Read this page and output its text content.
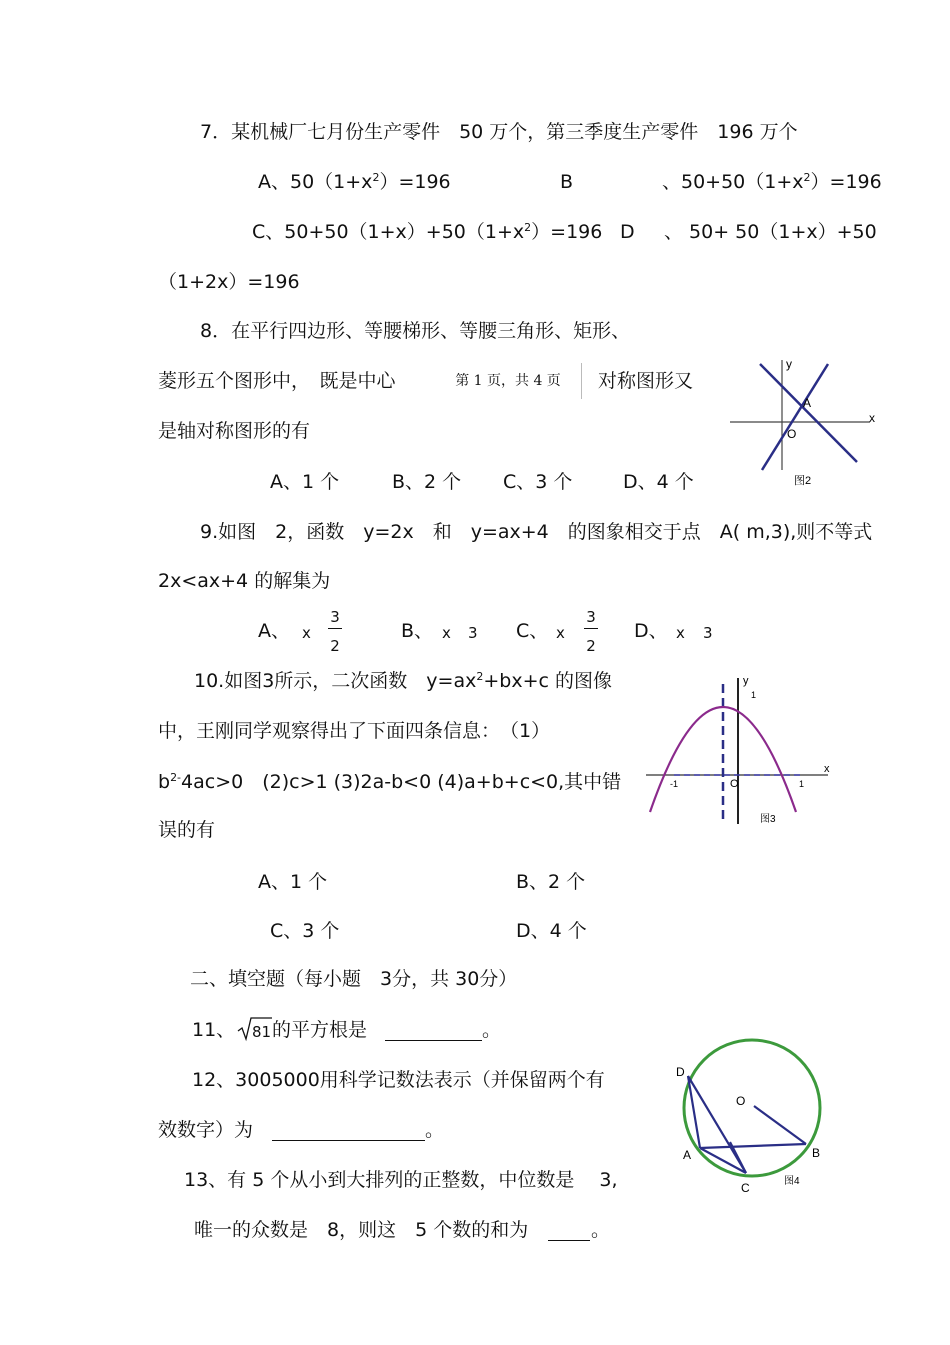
7．某机械厂七月份生产零件　50 万个，第三季度生产零件　196 万个
A、$50(1+x^2)=196$	B	、$50+50(1+x^2)=196$
C、$50+50(1+x)+50(1+x^2)=196$ D 、 50+ 50（1+x）+50
（1+2x）=196
8．在平行四边形、等腰梯形、等腰三角形、矩形、
菱形五个图形中，　既是中心	第 1 页，共 4 页	对称图形又
是轴对称图形的有
A、1 个	B、2 个 C、3 个	D、4 个
y
x
A
O
图2
9.如图　2，函数　y=2x　和　y=ax+4　的图象相交于点　A( m,3),则不等式
2x<ax+4 的解集为
A、 x
3
2
B、 x 3 C、 x
3
2
D、 x 3
10.如图3所示，二次函数　$y=ax^2+bx+c$ 的图像
中，王刚同学观察得出了下面四条信息：　（1）
$b^{2-}4ac>0$　(2)c>1 (3)2a-b<0 (4)a+b+c<0,其中错
误的有
A、1 个	B、2 个
C、3 个	D、4 个
y
1
x
-1	O	1
图3
二、填空题（每小题　3分，共 30分）
11、 81 的平方根是	。
12、3005000用科学记数法表示（并保留两个有
效数字）为	。
13、有 5 个从小到大排列的正整数，中位数是　 3,
唯一的众数是　8，则这　5 个数的和为	。
D
O
A	B
C	图4
